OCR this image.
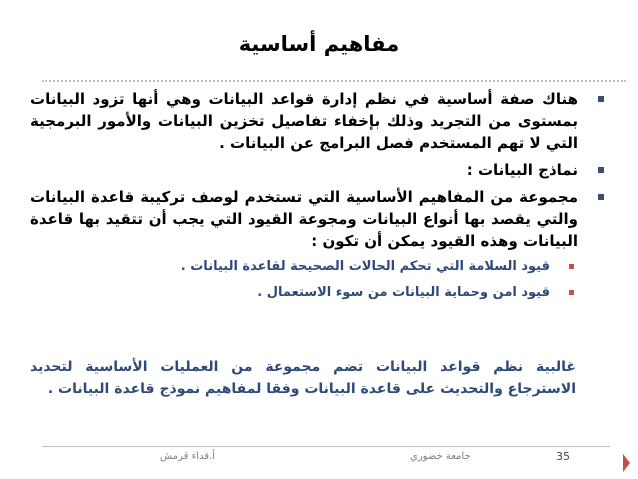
مفاهيم أساسية
هناك صفة أساسية في نظم إدارة قواعد البيانات وهي أنها تزود البيانات بمستوى من التجريد وذلك بإخفاء تفاصيل تخزين البيانات والأمور البرمجية التي لا تهم المستخدم فصل البرامج عن البيانات .
نماذج البيانات :
مجموعة من المفاهيم الأساسية التي تستخدم لوصف تركيبة قاعدة البيانات والتي يقصد بها أنواع البيانات ومجوعة القيود التي يجب أن تتقيد بها قاعدة البيانات وهذه القيود يمكن أن تكون :
قيود السلامة التي تحكم الحالات الصحيحة لقاعدة البيانات .
قيود امن وحماية البيانات من سوء الاستعمال .
غالبية نظم قواعد البيانات تضم مجموعة من العمليات الأساسية لتحديد الاسترجاع والتحديث على قاعدة البيانات وفقا لمفاهيم نموذج قاعدة البيانات .
أ.فداء قرمش	جامعة خضوري	35
